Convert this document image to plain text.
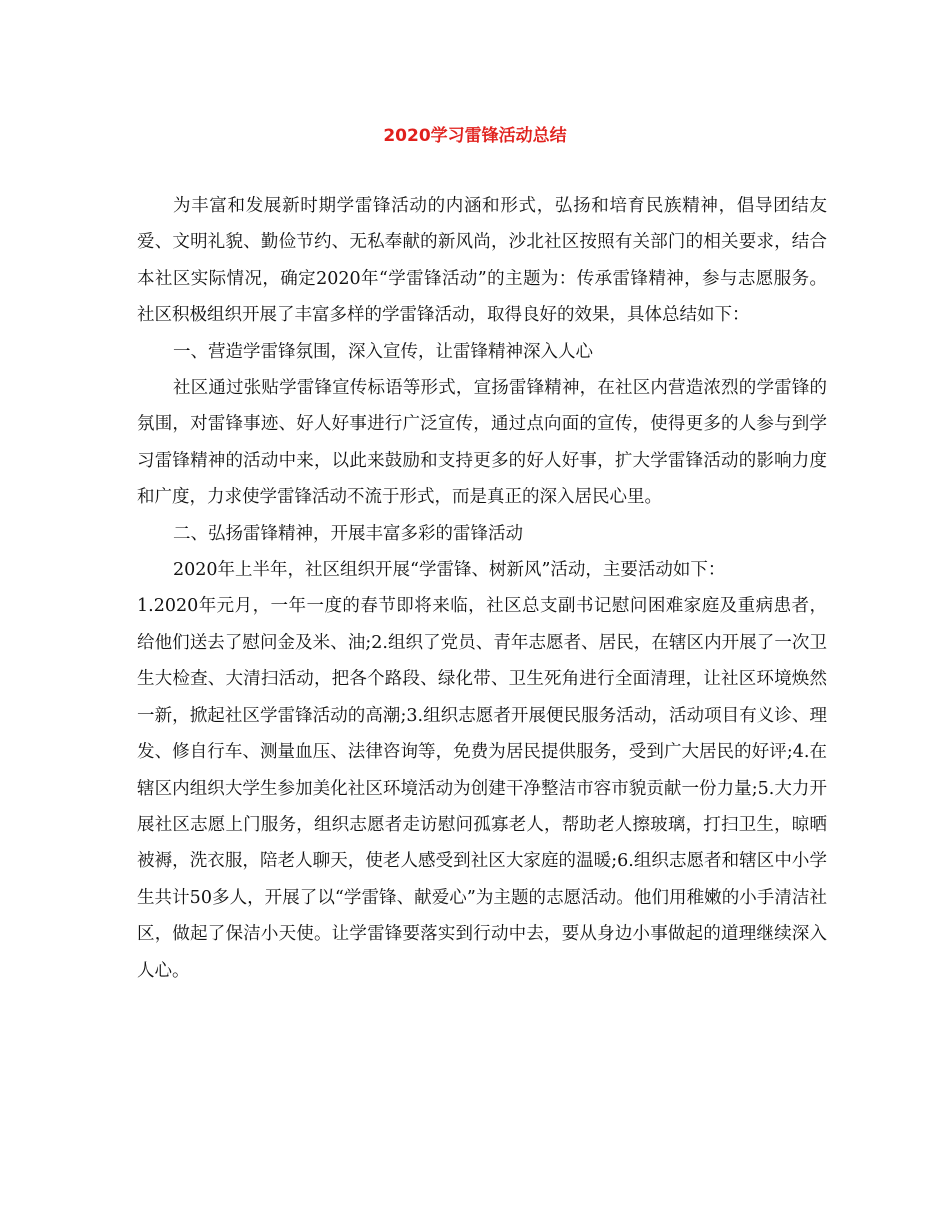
2020学习雷锋活动总结

为丰富和发展新时期学雷锋活动的内涵和形式，弘扬和培育民族精神，倡导团结友爱、文明礼貌、勤俭节约、无私奉献的新风尚，沙北社区按照有关部门的相关要求，结合本社区实际情况，确定2020年“学雷锋活动”的主题为：传承雷锋精神，参与志愿服务。社区积极组织开展了丰富多样的学雷锋活动，取得良好的效果，具体总结如下：

一、营造学雷锋氛围，深入宣传，让雷锋精神深入人心

社区通过张贴学雷锋宣传标语等形式，宣扬雷锋精神，在社区内营造浓烈的学雷锋的氛围，对雷锋事迹、好人好事进行广泛宣传，通过点向面的宣传，使得更多的人参与到学习雷锋精神的活动中来，以此来鼓励和支持更多的好人好事，扩大学雷锋活动的影响力度和广度，力求使学雷锋活动不流于形式，而是真正的深入居民心里。

二、弘扬雷锋精神，开展丰富多彩的雷锋活动

2020年上半年，社区组织开展“学雷锋、树新风”活动，主要活动如下：

1.2020年元月，一年一度的春节即将来临，社区总支副书记慰问困难家庭及重病患者，给他们送去了慰问金及米、油;2.组织了党员、青年志愿者、居民，在辖区内开展了一次卫生大检查、大清扫活动，把各个路段、绿化带、卫生死角进行全面清理，让社区环境焕然一新，掀起社区学雷锋活动的高潮;3.组织志愿者开展便民服务活动，活动项目有义诊、理发、修自行车、测量血压、法律咨询等，免费为居民提供服务，受到广大居民的好评;4.在辖区内组织大学生参加美化社区环境活动为创建干净整洁市容市貌贡献一份力量;5.大力开展社区志愿上门服务，组织志愿者走访慰问孤寡老人，帮助老人擦玻璃，打扫卫生，晾晒被褥，洗衣服，陪老人聊天，使老人感受到社区大家庭的温暖;6.组织志愿者和辖区中小学生共计50多人，开展了以“学雷锋、献爱心”为主题的志愿活动。他们用稚嫩的小手清洁社区，做起了保洁小天使。让学雷锋要落实到行动中去，要从身边小事做起的道理继续深入人心。
